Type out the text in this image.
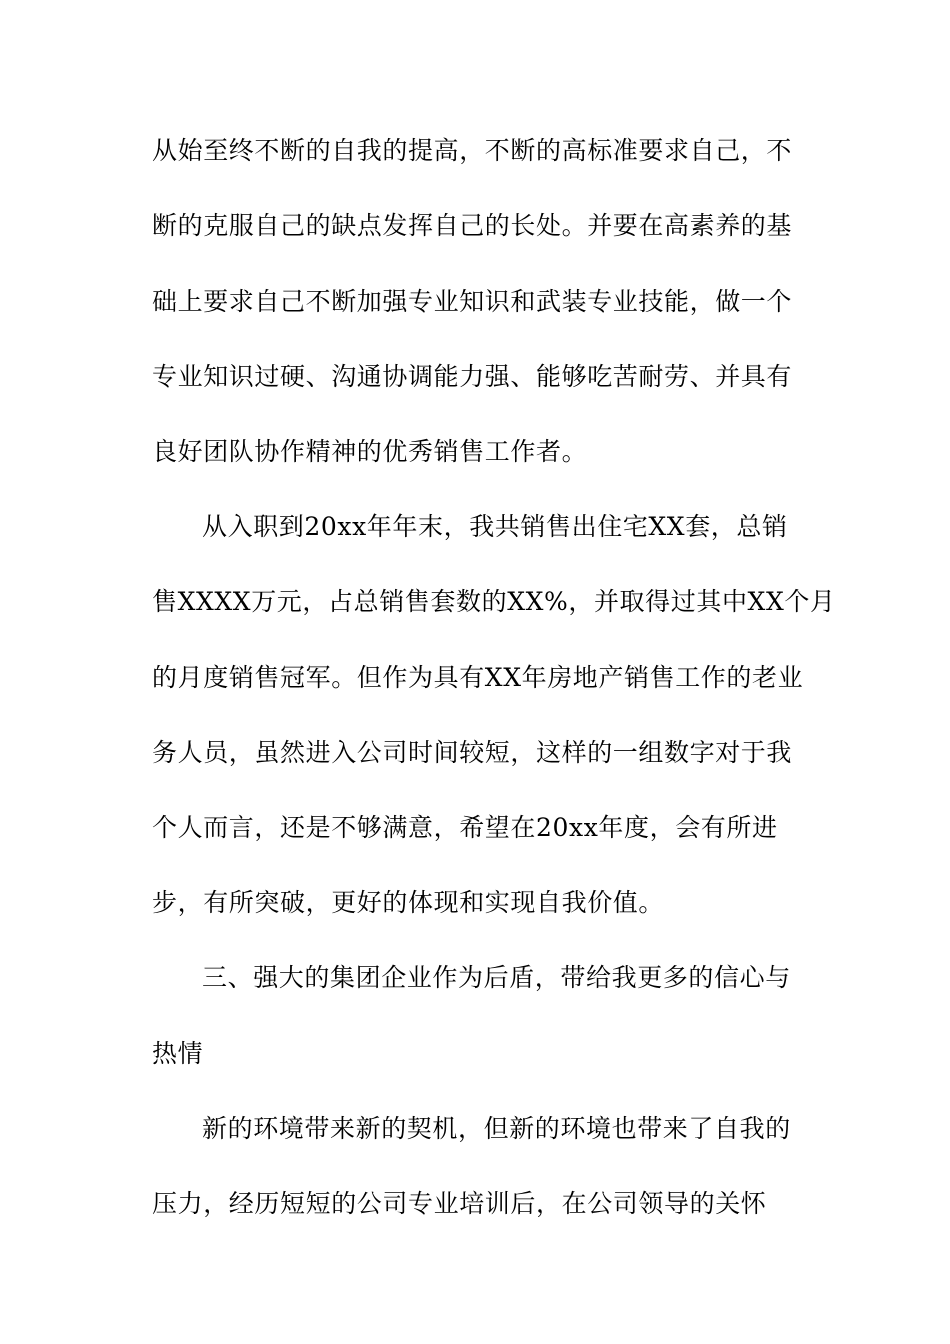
从始至终不断的自我的提高，不断的高标准要求自己，不
断的克服自己的缺点发挥自己的长处。并要在高素养的基
础上要求自己不断加强专业知识和武装专业技能，做一个
专业知识过硬、沟通协调能力强、能够吃苦耐劳、并具有
良好团队协作精神的优秀销售工作者。
从入职到20xx年年末，我共销售出住宅XX套，总销
售XXXX万元，占总销售套数的XX%，并取得过其中XX个月
的月度销售冠军。但作为具有XX年房地产销售工作的老业
务人员，虽然进入公司时间较短，这样的一组数字对于我
个人而言，还是不够满意，希望在20xx年度，会有所进
步，有所突破，更好的体现和实现自我价值。
三、强大的集团企业作为后盾，带给我更多的信心与
热情
新的环境带来新的契机，但新的环境也带来了自我的
压力，经历短短的公司专业培训后，在公司领导的关怀
